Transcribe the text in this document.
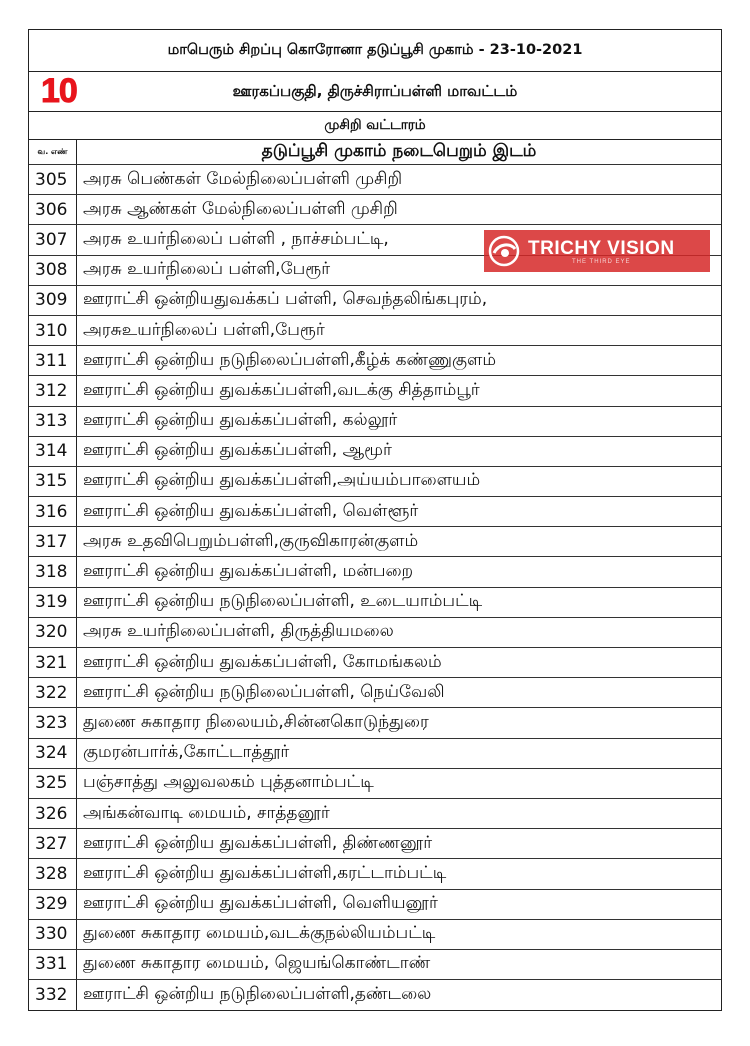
மாபெரும் சிறப்பு கொரோனா தடுப்பூசி முகாம் - 23-10-2021
10	ஊரகப்பகுதி, திருச்சிராப்பள்ளி மாவட்டம்
முசிறி வட்டாரம்
வ. எண்	தடுப்பூசி முகாம் நடைபெறும் இடம்
305 அரசு பெண்கள் மேல்நிலைப்பள்ளி முசிறி
306 அரசு ஆண்கள் மேல்நிலைப்பள்ளி முசிறி
307 அரசு உயர்நிலைப் பள்ளி , நாச்சம்பட்டி,
308 அரசு உயர்நிலைப் பள்ளி,பேரூர்
309 ஊராட்சி ஒன்றியதுவக்கப் பள்ளி, செவந்தலிங்கபுரம்,
310 அரசுஉயர்நிலைப் பள்ளி,பேரூர்
311 ஊராட்சி ஒன்றிய நடுநிலைப்பள்ளி,கீழ்க் கண்ணுகுளம்
312 ஊராட்சி ஒன்றிய துவக்கப்பள்ளி,வடக்கு சித்தாம்பூர்
313 ஊராட்சி ஒன்றிய துவக்கப்பள்ளி, கல்லூர்
314 ஊராட்சி ஒன்றிய துவக்கப்பள்ளி, ஆமூர்
315 ஊராட்சி ஒன்றிய துவக்கப்பள்ளி,அய்யம்பாளையம்
316 ஊராட்சி ஒன்றிய துவக்கப்பள்ளி, வெள்ளூர்
317 அரசு உதவிபெறும்பள்ளி,குருவிகாரன்குளம்
318 ஊராட்சி ஒன்றிய துவக்கப்பள்ளி, மன்பறை
319 ஊராட்சி ஒன்றிய நடுநிலைப்பள்ளி, உடையாம்பட்டி
320 அரசு உயர்நிலைப்பள்ளி, திருத்தியமலை
321 ஊராட்சி ஒன்றிய துவக்கப்பள்ளி, கோமங்கலம்
322 ஊராட்சி ஒன்றிய நடுநிலைப்பள்ளி, நெய்வேலி
323 துணை சுகாதார நிலையம்,சின்னகொடுந்துரை
324 குமரன்பார்க்,கோட்டாத்தூர்
325 பஞ்சாத்து அலுவலகம் புத்தனாம்பட்டி
326 அங்கன்வாடி மையம், சாத்தனூர்
327 ஊராட்சி ஒன்றிய துவக்கப்பள்ளி, திண்ணனூர்
328 ஊராட்சி ஒன்றிய துவக்கப்பள்ளி,கரட்டாம்பட்டி
329 ஊராட்சி ஒன்றிய துவக்கப்பள்ளி, வெளியனூர்
330 துணை சுகாதார மையம்,வடக்குநல்லியம்பட்டி
331 துணை சுகாதார மையம், ஜெயங்கொண்டாண்
332 ஊராட்சி ஒன்றிய நடுநிலைப்பள்ளி,தண்டலை
TRICHY VISION
THE THIRD EYE
